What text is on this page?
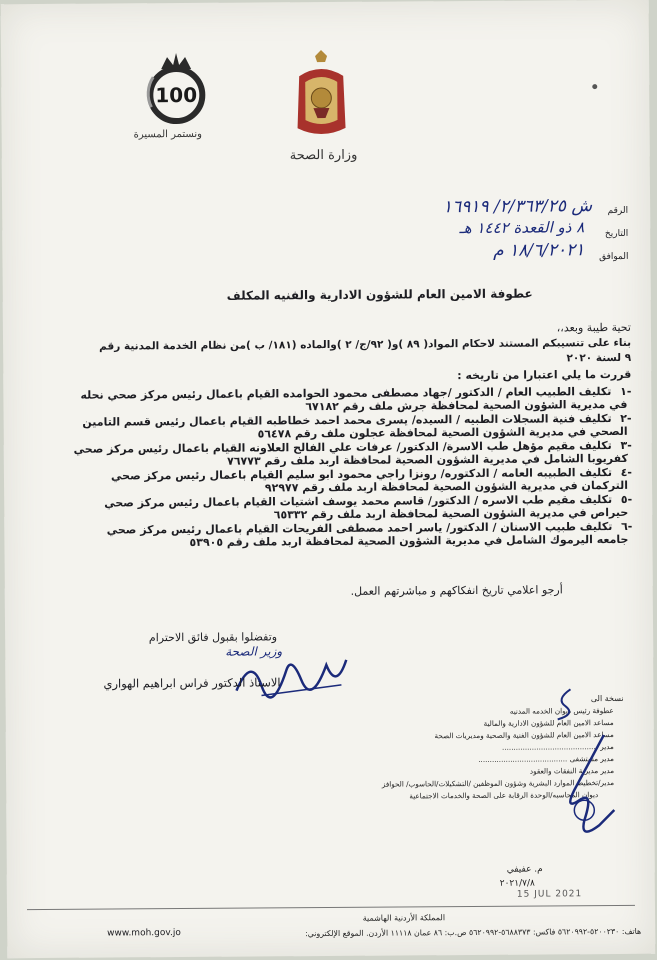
100
ونستمر المسيرة
وزارة الصحة
الرقم
ش ٢/٣٦٣/٢٥/ ١٦٩١٩
التاريخ
٨ ذو القعدة ١٤٤٢ هـ
الموافق
١٨/٦/٢٠٢١ م
عطوفة الامين العام للشؤون الادارية والفنيه المكلف
تحية طيبة وبعد،،
بناء على تنسيبكم المستند لاحكام المواد( ٨٩ )و( ٩٢/ج/ ٢ )والماده (١٨١/ ب )من نظام الخدمة المدنية رقم
٩ لسنة ٢٠٢٠
قررت ما يلي اعتبارا من تاريخه :
تكليف الطبيب العام / الدكتور /جهاد مصطفى محمود الحوامده القيام باعمال رئيس مركز صحي نحله -١
في مديرية الشؤون الصحية لمحافظة جرش ملف رقم ٦٧١٨٢
تكليف فنية السجلات الطبيه / السيده/ يسرى محمد احمد خطاطبه القيام باعمال رئيس قسم التامين -٢
الصحي في مديرية الشؤون الصحية لمحافظة عجلون ملف رقم ٥٦٤٧٨
تكليف مقيم مؤهل طب الاسرة/ الدكتور/ عرفات علي الفالح العلاونه القيام باعمال رئيس مركز صحي -٣
كفريوبا الشامل في مديرية الشؤون الصحية لمحافظة اربد ملف رقم ٧٦٧٧٣
تكليف الطبيبه العامه / الدكتوره/ رونزا راجي محمود ابو سليم القيام باعمال رئيس مركز صحي -٤
التركمان في مديرية الشؤون الصحية لمحافظة اربد ملف رقم ٩٢٩٧٧
تكليف مقيم طب الاسره / الدكتور/ قاسم محمد يوسف اشتيات القيام باعمال رئيس مركز صحي -٥
حيراص في مديرية الشؤون الصحية لمحافظة اربد ملف رقم ٦٥٣٣٢
تكليف طبيب الاسنان / الدكتور/ ياسر احمد مصطفى الفريحات القيام باعمال رئيس مركز صحي -٦
جامعه اليرموك الشامل في مديرية الشؤون الصحية لمحافظة اربد ملف رقم ٥٣٩٠٥
أرجو اعلامي تاريخ انفكاكهم و مباشرتهم العمل.
وتفضلوا بقبول فائق الاحترام
وزير الصحة
الاستاذ الدكتور فراس ابراهيم الهواري
نسخة الى
عطوفة رئيس ديوان الخدمه المدنيه
مساعد الامين العام للشؤون الادارية والمالية
مساعد الامين العام للشؤون الفنية والصحية ومديريات الصحة
مدير ..........................................
مدير مستشفى .......................................
مدير مديرية النفقات والعقود
مدير/تخطيط الموارد البشرية وشؤون الموظفين /التشكيلات/الحاسوب/ الحوافز
ديوان المحاسبه/الوحدة الرقابة على الصحة والخدمات الاجتماعية
م. عفيفي
٢٠٢١/٧/٨
15 JUL 2021
المملكة الأردنية الهاشمية
هاتف: ٥٢٠٠٢٣٠-٥٦٢٠٩٩٢ فاكس: ٥٦٨٨٣٧٣-٥٦٢٠٩٩٢ ص.ب: ٨٦ عمان ١١١١٨ الأردن. الموقع الإلكتروني:
www.moh.gov.jo
